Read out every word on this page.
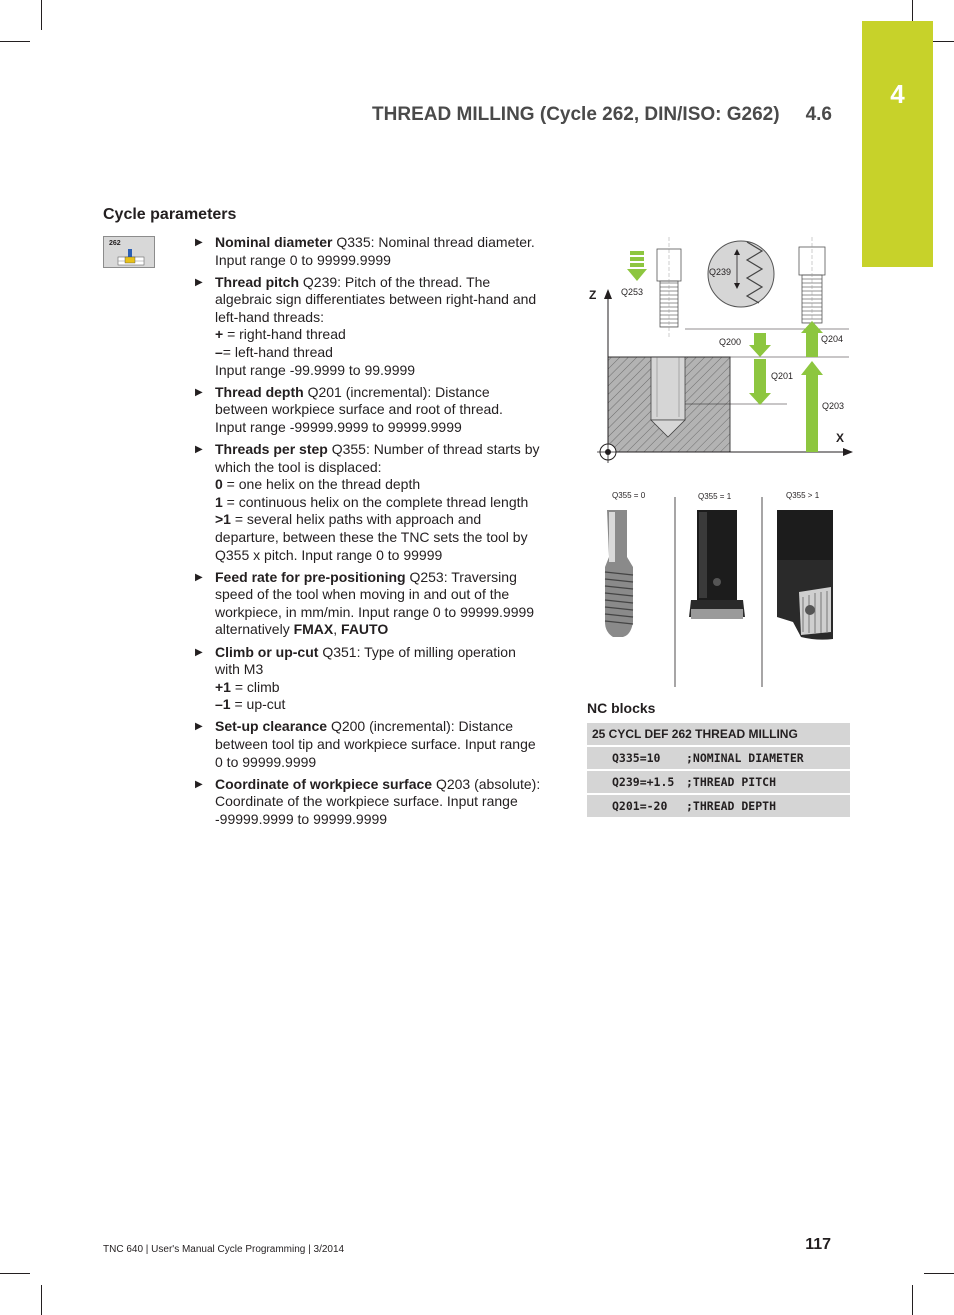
4
THREAD MILLING (Cycle 262, DIN/ISO: G262) 4.6
Cycle parameters
262	▶ Nominal diameter Q335: Nominal thread diameter.
Input range 0 to 99999.9999
▶ Thread pitch Q239: Pitch of the thread. The
algebraic sign differentiates between right-hand and
left-hand threads:
+ = right-hand thread
–= left-hand thread
Input range -99.9999 to 99.9999
▶ Thread depth Q201 (incremental): Distance
between workpiece surface and root of thread.
Input range -99999.9999 to 99999.9999
▶ Threads per step Q355: Number of thread starts by
which the tool is displaced:
0 = one helix on the thread depth
1 = continuous helix on the complete thread length
>1 = several helix paths with approach and
departure, between these the TNC sets the tool by
Q355 x pitch. Input range 0 to 99999
▶ Feed rate for pre-positioning Q253: Traversing
speed of the tool when moving in and out of the
workpiece, in mm/min. Input range 0 to 99999.9999
alternatively FMAX, FAUTO
▶ Climb or up-cut Q351: Type of milling operation
with M3
+1 = climb
–1 = up-cut
▶ Set-up clearance Q200 (incremental): Distance
between tool tip and workpiece surface. Input range
0 to 99999.9999
▶ Coordinate of workpiece surface Q203 (absolute):
Coordinate of the workpiece surface. Input range
-99999.9999 to 99999.9999
Z
X
Q253
Q239
Q200
Q201
Q204
Q203
Q355 = 0	Q355 = 1	Q355 > 1
NC blocks
25 CYCL DEF 262 THREAD MILLING
Q335=10 ;NOMINAL DIAMETER
Q239=+1.5 ;THREAD PITCH
Q201=-20 ;THREAD DEPTH
TNC 640 | User's Manual Cycle Programming | 3/2014	117
